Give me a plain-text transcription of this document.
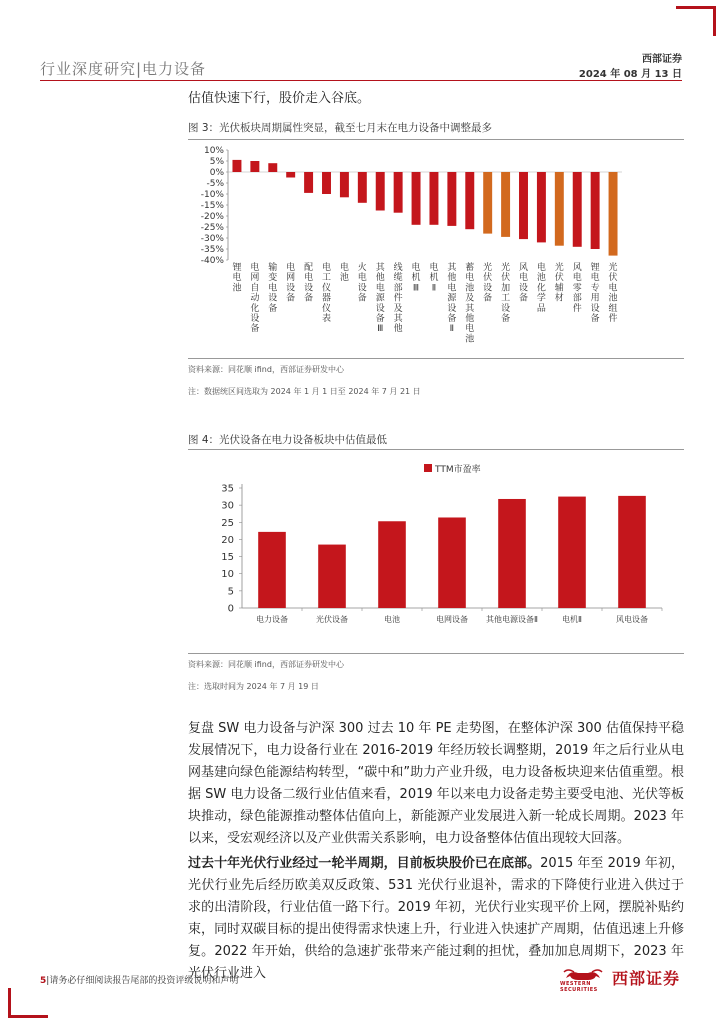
行业深度研究|电力设备
西部证券
2024 年 08 月 13 日
估值快速下行，股价走入谷底。
图 3：光伏板块周期属性突显，截至七月末在电力设备中调整最多
10%
5%
0%
-5%
-10%
-15%
-20%
-25%
-30%
-35%
-40%
锂电池
电网自动化设备
输变电设备
电网设备
配电设备
电工仪器仪表
电池
火电设备
其他电源设备 Ⅲ
线缆部件及其他
电机 Ⅲ
电机 Ⅱ
其他电源设备 Ⅱ
蓄电池及其他电池
光伏设备
光伏加工设备
风电设备
电池化学品
光伏辅材
风电零部件
锂电专用设备
光伏电池组件
资料来源：同花顺 ifind，西部证券研发中心
注：数据统区间选取为 2024 年 1 月 1 日至 2024 年 7 月 21 日
图 4：光伏设备在电力设备板块中估值最低
TTM市盈率
35
30
25
20
15
10
5
0
电力设备	光伏设备	电池	电网设备 其他电源设备Ⅱ	电机Ⅱ	风电设备
资料来源：同花顺 ifind，西部证券研发中心
注：选取时间为 2024 年 7 月 19 日
复盘 SW 电力设备与沪深 300 过去 10 年 PE 走势图，在整体沪深 300 估值保持平稳发展情况下，电力设备行业在 2016-2019 年经历较长调整期，2019 年之后行业从电网基建向绿色能源结构转型，“碳中和”助力产业升级，电力设备板块迎来估值重塑。根据 SW 电力设备二级行业估值来看，2019 年以来电力设备走势主要受电池、光伏等板块推动，绿色能源推动整体估值向上，新能源产业发展进入新一轮成长周期。2023 年以来，受宏观经济以及产业供需关系影响，电力设备整体估值出现较大回落。
过去十年光伏行业经过一轮半周期，目前板块股价已在底部。2015 年至 2019 年初，光伏行业先后经历欧美双反政策、531 光伏行业退补，需求的下降使行业进入供过于求的出清阶段，行业估值一路下行。2019 年初，光伏行业实现平价上网，摆脱补贴约束，同时双碳目标的提出使得需求快速上升，行业进入快速扩产周期，估值迅速上升修复。2022 年开始，供给的急速扩张带来产能过剩的担忧，叠加加息周期下，2023 年光伏行业进入
5|请务必仔细阅读报告尾部的投资评级说明和声明	WESTERN SECURITIES
西部证券
